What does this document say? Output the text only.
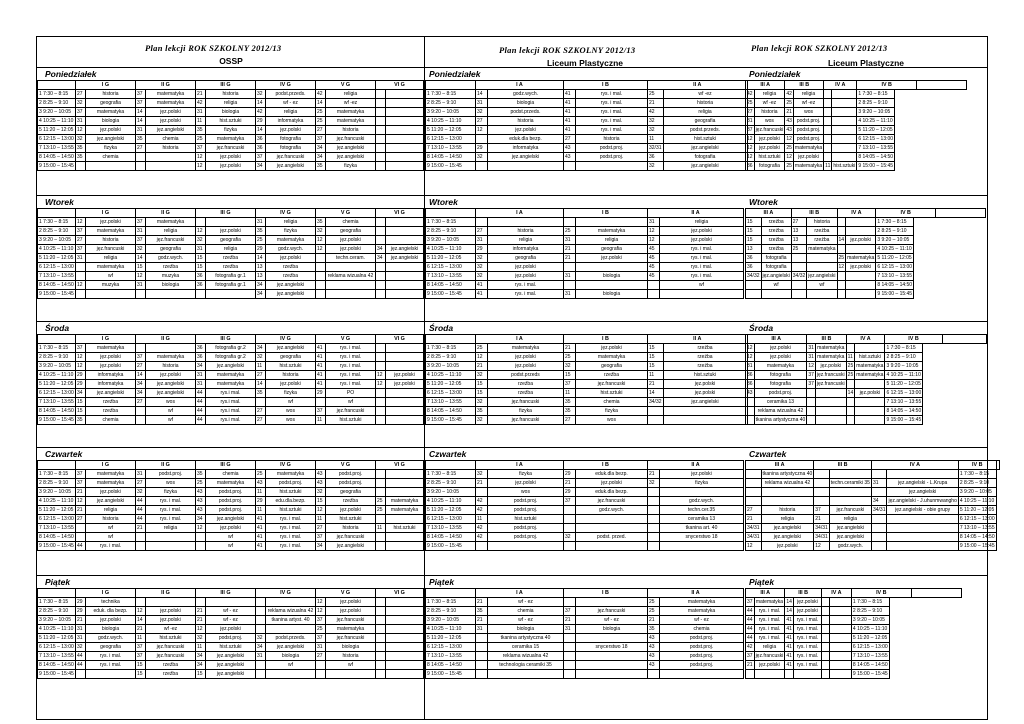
Plan lekcji ROK SZKOLNY 2012/13	Plan lekcji ROK SZKOLNY 2012/13	Plan lekcji ROK SZKOLNY 2012/13
OSSP	Liceum Plastyczne	Liceum Plastyczne
Poniedziałek	Poniedziałek	Poniedziałek
	I G		II G		III G		IV G		V G		VI G	
1 7:30 – 8:15	27	historia	37	matematyka	21	historia	32	podst.przeds.	42	religia		
2 8:25 – 9:10	32	geografia	37	matematyka	42	religia	14	wf - ez	14	wf -ez		
3 9:20 – 10:05	37	matematyka	14	jęz.polski	31	biologia	42	religia	25	matematyka		
4 10:25 – 11:10	31	biologia	14	jęz.polski	11	hist.sztuki	29	informatyka	25	matematyka		
5 11:20 – 12:05	12	jęz.polski	31	jęz.angielski	35	fizyka	14	jęz.polski	27	historia		
6 12:15 – 13:00	32	jęz.angielski	35	chemia	25	matematyka	36	fotografia	37	jęz.francuski		
7 13:10 – 13:55	35	fizyka	27	historia	37	jęz.francuski	36	fotografia	34	jęz.angielski		
8 14:05 – 14:50	35	chemia			12	jęz.polski	37	jęz.francuski	34	jęz.angielski		
9 15:00 – 15:45					12	jęz.polski	34	jęz.angielski	35	fizyka		
	I A		I B		II A	
1 7:30 – 8:15	14	godz.wych.	41	rys. i mal.	25	wf -ez
2 8:25 – 9:10	31	biologia	41	rys. i mal.	21	historia
3 9:20 – 10:05	32	podst.przeds.	41	rys. i mal.	42	religia
4 10:25 – 11:10	27	historia	41	rys. i mal.	32	geografia
5 11:20 – 12:05	12	jęz.polski	41	rys. i mal.	32	podst.przeds.
6 12:15 – 13:00		eduk.dla bezp.	27	historia	11	hist.sztuki
7 13:10 – 13:55	29	informatyka	43	podst.proj.	32/31	jęz.angielski
8 14:05 – 14:50	32	jęz.angielski	43	podst.proj.	36	fotografia
9 15:00 – 15:45					32	jęz.angielski
III A		III B		IV A		IV B	
42	religia	42	religia			1 7:30 – 8:15	
25	wf -ez	25	wf -ez			2 8:25 – 9:10	
27	historia	21	wos			3 9:20 – 10:05	
31	wos	43	podst.proj.			4 10:25 – 11:10	
37	jęz.francuski	43	podst.proj.			5 11:20 – 12:05	
12	jęz.polski	12	podst.proj.			6 12:15 – 13:00	
12	jęz.polski	25	matematyka			7 13:10 – 13:55	
12	hist.sztuki	12	jęz.polski			8 14:05 – 14:50	
36	fotografia	25	matematyka	11	hist.sztuki	9 15:00 – 15:45	
Wtorek	Wtorek	Wtorek
	I G		II G		III G		IV G		V G		VI G	
1 7:30 – 8:15	12	jęz.polski	37	matematyka			31	religia	35	chemia		
2 8:25 – 9:10	37	matematyka	31	religia	12	jęz.polski	35	fizyka	32	geografia		
3 9:20 – 10:05	27	historia	37	jęz.francuski	32	geografia	25	matematyka	12	jęz.polski		
4 10:25 – 11:10	37	jęz.francuski	32	geografia	31	religia	29	godz.wych.	12	jęz.polski	34	jęz.angielski
5 11:20 – 12:05	31	religia	14	godz.wych.	15	rzeźba	14	jęz.polski		techn.ceram.	34	jęz.angielski
6 12:15 – 13:00		matematyka	15	rzeźba	15	rzeźba	13	rzeźba				
7 13:10 – 13:55		wf	12	muzyka	36	fotografia gr.1	13	rzeźba		reklama wizualna 42		
8 14:05 – 14:50	12	muzyka	31	biologia	36	fotografia gr.1	34	jęz.angielski				
9 15:00 – 15:45							34	jęz.angielski				
	I A		I B		II A	
1 7:30 – 8:15					31	religia
2 8:25 – 9:10	27	historia	25	matematyka	12	jęz.polski
3 9:20 – 10:05	31	religia	31	religia	12	jęz.polski
4 10:25 – 11:10	29	informatyka	21	geografia	45	rys. i mal.
5 11:20 – 12:05	32	geografia	21	jęz.polski	45	rys. i mal.
6 12:15 – 13:00	32	jęz.polski			45	rys. i mal.
7 13:10 – 13:55	32	jęz.polski	31	biologia	45	rys. i mal.
8 14:05 – 14:50	41	rys. i mal.				wf
9 15:00 – 15:45	41	rys. i mal.	31	biologia		
III A		III B		IV A		IV B	
15	rzeźba	27	historia			1 7:30 – 8:15	
15	rzeźba	13	rzeźba			2 8:25 – 9:10	
15	rzeźba	13	rzeźba	14	jęz.polski	3 9:20 – 10:05	
13	rzeźba	25	matematyka			4 10:25 – 11:10	
36	fotografia			25	matematyka	5 11:20 – 12:05	
36	fotografia			12	jęz.polski	6 12:15 – 13:00	
34/32	jęz.angielski	34/32	jęz.angielski			7 13:10 – 13:55	
	wf		wf			8 14:05 – 14:50	
						9 15:00 – 15:45	
Środa	Środa	Środa
	I G		II G		III G		IV G		V G		VI G	
1 7:30 – 8:15	37	matematyka			36	fotografia gr.2	34	jęz.angielski	41	rys. i mal.		
2 8:25 – 9:10	12	jęz.polski	37	matematyka	36	fotografia gr.2	32	geografia	41	rys. i mal.		
3 9:20 – 10:05	12	jęz.polski	27	historia	34	jęz.angielski	11	hist.sztuki	41	rys. i mal.		
4 10:25 – 11:10	29	informatyka	14	jęz.polski	31	matematyka	27	historia	41	rys. i mal.	12	jęz.polski
5 11:20 – 12:05	29	informatyka	34	jęz.angielski	31	matematyka	14	jęz.polski	41	rys. i mal.	12	jęz.polski
6 12:15 – 13:00	34	jęz.angielski	34	jęz.angielski	44	rys.i mal.	35	fizyka	29	PO		
7 13:10 – 13:55	15	rzeźba	27	wos	44	rys.i mal.		wf		wf		
8 14:05 – 14:50	15	rzeźba		wf	44	rys.i mal.	27	wos	37	jęz.francuski		
9 15:00 – 15:45	35	chemia		wf	44	rys.i mal.	27	wos	11	hist.sztuki		
	I A		I B		II A	
1 7:30 – 8:15	25	matematyka	21	jęz.polski	15	rzeźba
2 8:25 – 9:10	12	jęz.polski	25	matematyka	15	rzeźba
3 9:20 – 10:05	21	jęz.polski	32	geografia	15	rzeźba
4 10:25 – 11:10	32	podst.przeds	15	rzeźba	11	hist.sztuki
5 11:20 – 12:05	15	rzeźba	37	jęz.francuski	21	jęz.polski
6 12:15 – 13:00	15	rzeźba	11	hist.sztuki	14	jęz.polski
7 13:10 – 13:55	32	jęz.francuski	35	chemia	34/32	jęz.angielski
8 14:05 – 14:50	35	fizyka	35	fizyka		
9 15:00 – 15:45	32	jęz.francuski	27	wos		
III A		III B		IV A		IV B	
12	jęz.polski	31	matematyka			1 7:30 – 8:15	
12	jęz.polski	31	matematyka	11	hist.sztuki	2 8:25 – 9:10	
31	matematyka	12	jęz.polski	25	matematyka	3 9:20 – 10:05	
36	fotografia	37	jęz.francuski	25	matematyka	4 10:25 – 11:10	
36	fotografia	37	jęz.francuski			5 11:20 – 12:05	
43	podst.proj.			14	jęz.polski	6 12:15 – 13:00	
	ceramika 13					7 13:10 – 13:55	
	reklama wizualna 42					8 14:05 – 14:50	
	tkanina artystyczna 40					9 15:00 – 15:45	
Czwartek	Czwartek	Czwartek
	I G		II G		III G		IV G		V G		VI G	
1 7:30 – 8:15	37	matematyka	31	podst.proj.	35	chemia	25	matematyka	43	podst.proj.		
2 8:25 – 9:10	37	matematyka	27	wos	25	matematyka	43	podst.proj.	43	podst.proj.		
3 9:20 – 10:05	21	jęz.polski	32	fizyka	43	podst.proj.	11	hist.sztuki	32	geografia		
4 10:25 – 11:10	12	jęz.angielski	44	rys. i mal.	43	podst.proj.	29	edu.dla.bezp.	15	rzeźba	25	matematyka
5 11:20 – 12:05	21	religia	44	rys. i mal.	43	podst.proj.	11	hist.sztuki	12	jęz.polski	25	matematyka
6 12:15 – 13:00	27	historia	44	rys. i mal.	34	jęz.angielski	41	rys. i mal.	11	hist.sztuki		
7 13:10 – 13:55		wf	21	religia	12	jęz.polski	41	rys. i mal.	27	historia	11	hist.sztuki
8 14:05 – 14:50		wf				wf	41	rys. i mal.	37	jęz.francuski		
9 15:00 – 15:45	44	rys. i mal.				wf	41	rys. i mal.	34	jęz.angielski		
	I A		I B		II A	
1 7:30 – 8:15	32	fizyka	29	eduk.dla bezp.	21	jęz.polski
2 8:25 – 9:10	21	jęz.polski	21	jęz.polski	32	fizyka
3 9:20 – 10:05		wos	29	eduk.dla bezp.		
4 10:25 – 11:10	42	podst.proj.	37	jęz.francuski		godz.wych.
5 11:20 – 12:05	42	podst.proj.		godz.wych.		techn.cer.35
6 12:15 – 13:00	11	hist.sztuki				ceramika 13
7 13:10 – 13:55	42	podst.proj.				tkanina art. 40
8 14:05 – 14:50	42	podst.proj.	32	podst. przed.		snycerstwo 18
9 15:00 – 15:45						
III A		III B		IV A		IV B	
	tkanina artystyczna 40					1 7:30 – 8:15	
	reklama wizualna 42		techn.ceramiki 35	31	jęz.angielski - L.Krupa	2 8:25 – 9:10	
					jęz.angielski	3 9:20 – 10:05	
				34	jęz.angielski - J.uhunmwangho	4 10:25 – 11:10	
27	historia	37	jęz.francuski	34/31	jęz.angielski - obie grupy	5 11:20 – 12:05	
21	religia	21	religia			6 12:15 – 13:00	
34/31	jęz.angielski	34/31	jęz.angielski			7 13:10 – 13:55	
34/31	jęz.angielski	34/31	jęz.angielski			8 14:05 – 14:50	
12	jęz.polski	12	godz.wych.			9 15:00 – 15:45	
Piątek	Piątek	Piątek
	I G		II G		III G		IV G		V G		VI G	
1 7:30 – 8:15	29	technika							12	jęz.polski		
2 8:25 – 9:10	29	eduk. dla bezp.	12	jęz.polski	21	wf - ez		reklama wizualna 42	12	jęz.polski		
3 9:20 – 10:05	21	jęz.polski	14	jęz.polski	21	wf - ez		tkanina artyst. 40	37	jęz.francuski		
4 10:25 – 11:10	31	biologia	21	wf -ez	12	jęz.polski			25	matematyka		
5 11:20 – 12:05	31	godz.wych.	11	hist.sztuki	32	podst.proj.	32	podst.przeds.	37	jęz.francuski		
6 12:15 – 13:00	32	geografia	37	jęz.francuski	11	hist.sztuki	34	jęz.angielski	31	biologia		
7 13:10 – 13:55	44	rys. i mal.	37	jęz.francuski	34	jęz.angielski	31	biologia	27	historia		
8 14:05 – 14:50	44	rys. i mal.	15	rzeźba	34	jęz.angielski		wf		wf		
9 15:00 – 15:45			15	rzeźba	15	jęz.angielski						
	I A		I B		II A	
1 7:30 – 8:15	21	wf - ez			25	matematyka
2 8:25 – 9:10	35	chemia	37	jęz.francuski	25	matematyka
3 9:20 – 10:05	21	wf - ez	21	wf - ez	21	wf - ez
4 10:25 – 11:10	31	biologia	31	biologia	35	chemia
5 11:20 – 12:05		tkanina artystyczna 40			43	podst.proj.
6 12:15 – 13:00		ceramika 15		snycerstwo 18	43	podst.proj.
7 13:10 – 13:55		reklama wizualna 42			43	podst.proj.
8 14:05 – 14:50		technologia ceramiki 35			43	podst.proj.
9 15:00 – 15:45						
III A		III B		IV A		IV B	
37	matematyka	14	jęz.polski			1 7:30 – 8:15	
44	rys. i mal.	14	jęz.polski			2 8:25 – 9:10	
44	rys. i mal.	41	rys. i mal.			3 9:20 – 10:05	
44	rys. i mal.	41	rys. i mal.			4 10:25 – 11:10	
44	rys. i mal.	41	rys. i mal.			5 11:20 – 12:05	
42	religia	41	rys. i mal.			6 12:15 – 13:00	
37	jęz.francuski	41	rys. i mal.			7 13:10 – 13:55	
21	jęz.polski	41	rys. i mal.			8 14:05 – 14:50	
						9 15:00 – 15:45	
